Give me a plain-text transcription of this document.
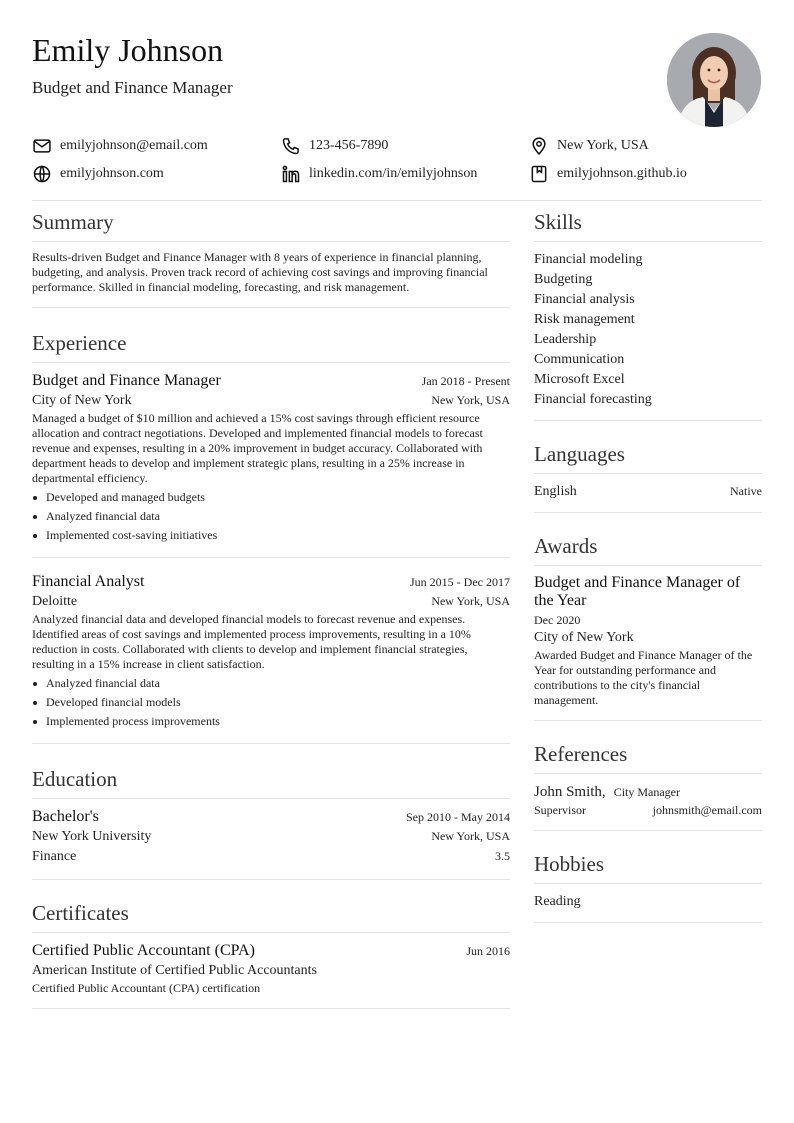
Emily Johnson
Budget and Finance Manager
emilyjohnson@email.com	123-456-7890	New York, USA
emilyjohnson.com	linkedin.com/in/emilyjohnson	emilyjohnson.github.io
Summary
Results-driven Budget and Finance Manager with 8 years of experience in financial planning, budgeting, and analysis. Proven track record of achieving cost savings and improving financial performance. Skilled in financial modeling, forecasting, and risk management.
Experience
Budget and Finance Manager	Jan 2018 - Present
City of New York	New York, USA
Managed a budget of $10 million and achieved a 15% cost savings through efficient resource allocation and contract negotiations. Developed and implemented financial models to forecast revenue and expenses, resulting in a 20% improvement in budget accuracy. Collaborated with department heads to develop and implement strategic plans, resulting in a 25% increase in departmental efficiency.
Developed and managed budgets
Analyzed financial data
Implemented cost-saving initiatives
Financial Analyst	Jun 2015 - Dec 2017
Deloitte	New York, USA
Analyzed financial data and developed financial models to forecast revenue and expenses. Identified areas of cost savings and implemented process improvements, resulting in a 10% reduction in costs. Collaborated with clients to develop and implement financial strategies, resulting in a 15% increase in client satisfaction.
Analyzed financial data
Developed financial models
Implemented process improvements
Education
Bachelor's	Sep 2010 - May 2014
New York University	New York, USA
Finance	3.5
Certificates
Certified Public Accountant (CPA)	Jun 2016
American Institute of Certified Public Accountants
Certified Public Accountant (CPA) certification
Skills
Financial modeling
Budgeting
Financial analysis
Risk management
Leadership
Communication
Microsoft Excel
Financial forecasting
Languages
English	Native
Awards
Budget and Finance Manager of the Year
Dec 2020
City of New York
Awarded Budget and Finance Manager of the Year for outstanding performance and contributions to the city's financial management.
References
John Smith, City Manager
Supervisor	johnsmith@email.com
Hobbies
Reading
